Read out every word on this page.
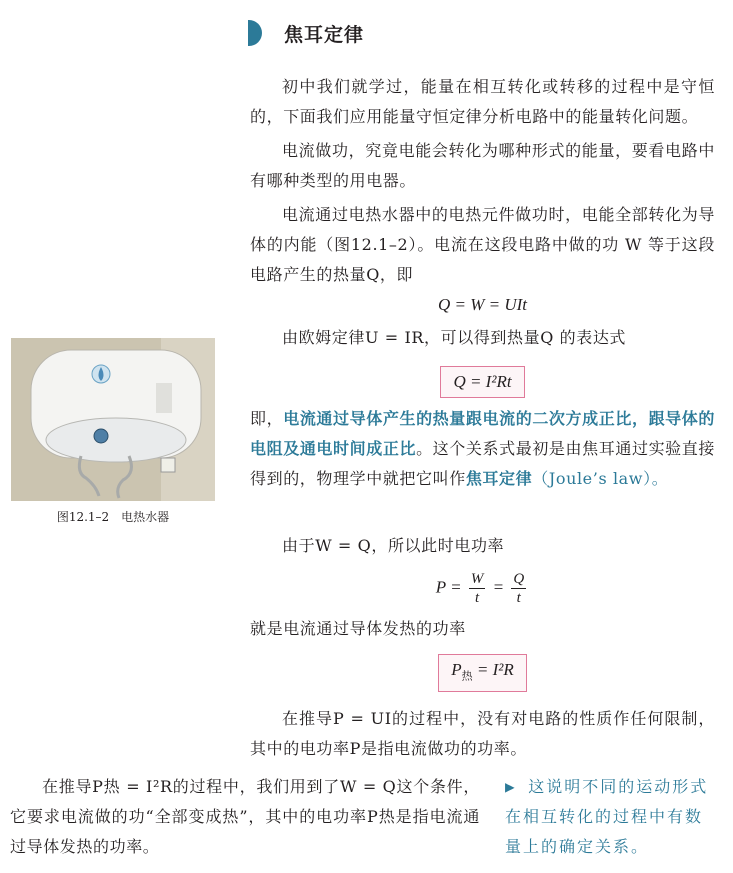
焦耳定律
初中我们就学过，能量在相互转化或转移的过程中是守恒的，下面我们应用能量守恒定律分析电路中的能量转化问题。
电流做功，究竟电能会转化为哪种形式的能量，要看电路中有哪种类型的用电器。
电流通过电热水器中的电热元件做功时，电能全部转化为导体的内能（图12.1–2）。电流在这段电路中做的功 W 等于这段电路产生的热量Q，即
Q = W = UIt
由欧姆定律U = IR，可以得到热量Q 的表达式
Q = I²Rt
即，电流通过导体产生的热量跟电流的二次方成正比，跟导体的电阻及通电时间成正比。这个关系式最初是由焦耳通过实验直接得到的，物理学中就把它叫作焦耳定律（Joule’s law）。
由于W = Q，所以此时电功率
$P = \frac{W}{t} = \frac{Q}{t}$
就是电流通过导体发热的功率
$P_热 = I^2R$
在推导P = UI的过程中，没有对电路的性质作任何限制，其中的电功率P是指电流做功的功率。
图12.1–2　电热水器
在推导P热 = I²R的过程中，我们用到了W = Q这个条件，它要求电流做的功“全部变成热”，其中的电功率P热是指电流通过导体发热的功率。
▶ 这说明不同的运动形式在相互转化的过程中有数量上的确定关系。
